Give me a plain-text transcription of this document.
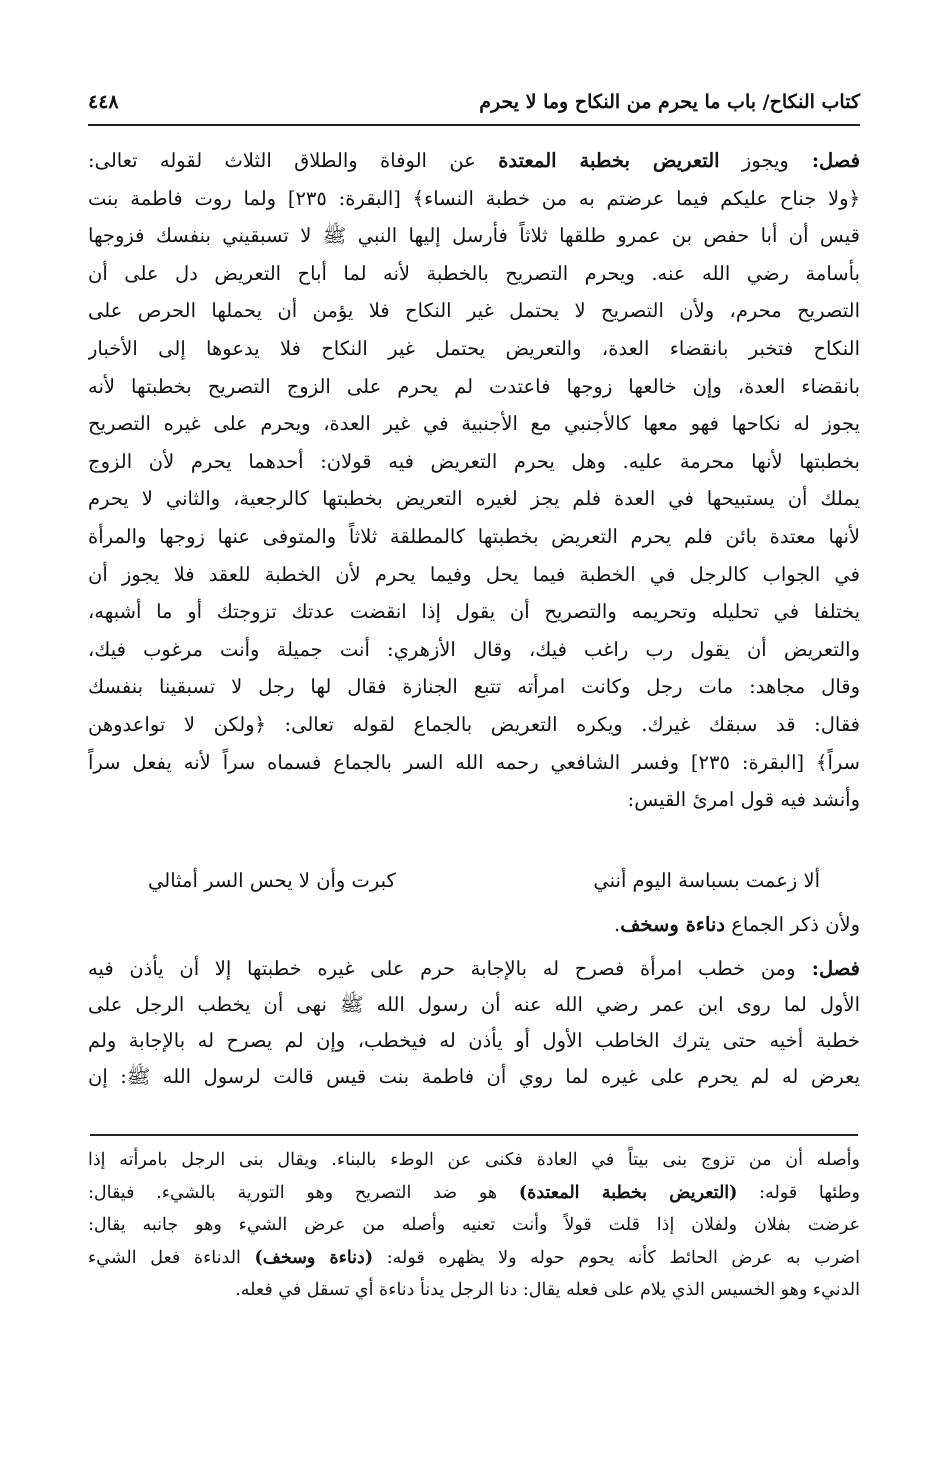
كتاب النكاح/ باب ما يحرم من النكاح وما لا يحرم
٤٤٨
فصل: ويجوز التعريض بخطبة المعتدة عن الوفاة والطلاق الثلاث لقوله تعالى:
﴿ولا جناح عليكم فيما عرضتم به من خطبة النساء﴾ [البقرة: ٢٣٥] ولما روت فاطمة بنت
قيس أن أبا حفص بن عمرو طلقها ثلاثاً فأرسل إليها النبي ﷺ لا تسبقيني بنفسك فزوجها
بأسامة رضي الله عنه. ويحرم التصريح بالخطبة لأنه لما أباح التعريض دل على أن
التصريح محرم، ولأن التصريح لا يحتمل غير النكاح فلا يؤمن أن يحملها الحرص على
النكاح فتخبر بانقضاء العدة، والتعريض يحتمل غير النكاح فلا يدعوها إلى الأخبار
بانقضاء العدة، وإن خالعها زوجها فاعتدت لم يحرم على الزوج التصريح بخطبتها لأنه
يجوز له نكاحها فهو معها كالأجنبي مع الأجنبية في غير العدة، ويحرم على غيره التصريح
بخطبتها لأنها محرمة عليه. وهل يحرم التعريض فيه قولان: أحدهما يحرم لأن الزوج
يملك أن يستبيحها في العدة فلم يجز لغيره التعريض بخطبتها كالرجعية، والثاني لا يحرم
لأنها معتدة بائن فلم يحرم التعريض بخطبتها كالمطلقة ثلاثاً والمتوفى عنها زوجها والمرأة
في الجواب كالرجل في الخطبة فيما يحل وفيما يحرم لأن الخطبة للعقد فلا يجوز أن
يختلفا في تحليله وتحريمه والتصريح أن يقول إذا انقضت عدتك تزوجتك أو ما أشبهه،
والتعريض أن يقول رب راغب فيك، وقال الأزهري: أنت جميلة وأنت مرغوب فيك،
وقال مجاهد: مات رجل وكانت امرأته تتبع الجنازة فقال لها رجل لا تسبقينا بنفسك
فقال: قد سبقك غيرك. ويكره التعريض بالجماع لقوله تعالى: ﴿ولكن لا تواعدوهن
سراً﴾ [البقرة: ٢٣٥] وفسر الشافعي رحمه الله السر بالجماع فسماه سراً لأنه يفعل سراً
وأنشد فيه قول امرئ القيس:
ألا زعمت بسباسة اليوم أنني
كبرت وأن لا يحس السر أمثالي
ولأن ذكر الجماع دناءة وسخف.
فصل: ومن خطب امرأة فصرح له بالإجابة حرم على غيره خطبتها إلا أن يأذن فيه
الأول لما روى ابن عمر رضي الله عنه أن رسول الله ﷺ نهى أن يخطب الرجل على
خطبة أخيه حتى يترك الخاطب الأول أو يأذن له فيخطب، وإن لم يصرح له بالإجابة ولم
يعرض له لم يحرم على غيره لما روي أن فاطمة بنت قيس قالت لرسول الله ﷺ: إن
وأصله أن من تزوج بنى بيتاً في العادة فكنى عن الوطء بالبناء. ويقال بنى الرجل بامرأته إذا
وطئها قوله: (التعريض بخطبة المعتدة) هو ضد التصريح وهو التورية بالشيء. فيقال:
عرضت بفلان ولفلان إذا قلت قولاً وأنت تعنيه وأصله من عرض الشيء وهو جانبه يقال:
اضرب به عرض الحائط كأنه يحوم حوله ولا يظهره قوله: (دناءة وسخف) الدناءة فعل الشيء
الدنيء وهو الخسيس الذي يلام على فعله يقال: دنا الرجل يدنأ دناءة أي تسقل في فعله.
